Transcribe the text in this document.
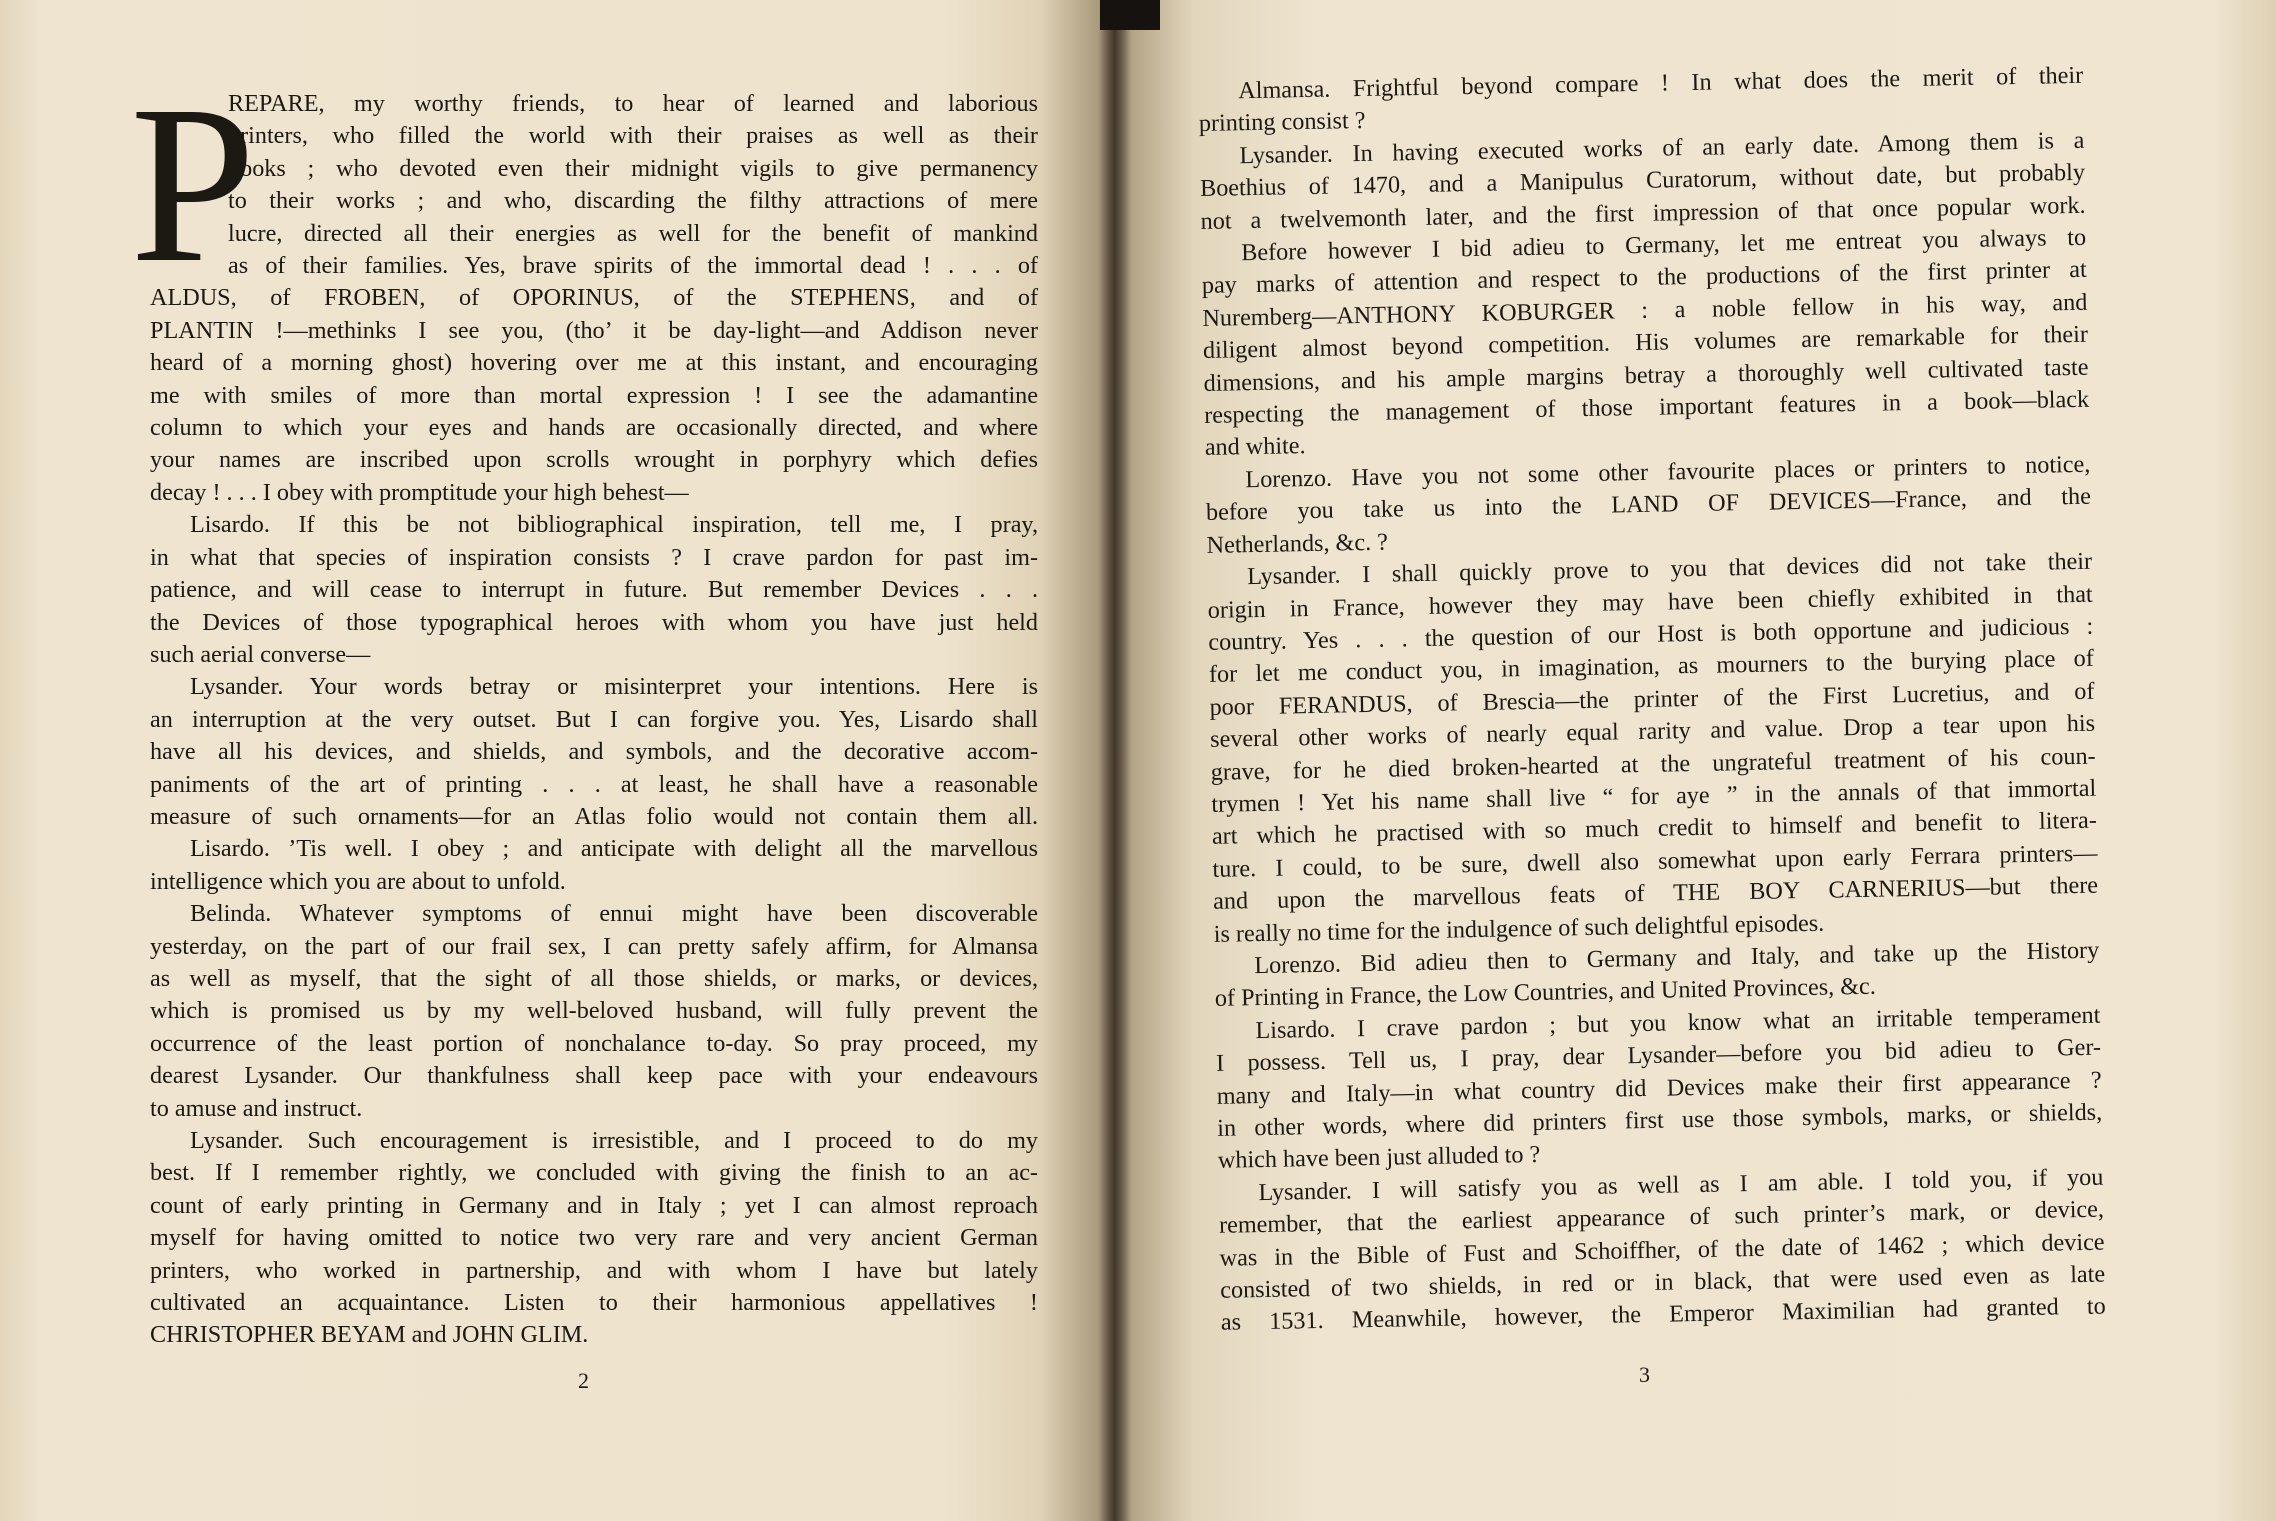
P
REPARE, my worthy friends, to hear of learned and laborious
printers, who filled the world with their praises as well as their
books ; who devoted even their midnight vigils to give permanency
to their works ; and who, discarding the filthy attractions of mere
lucre, directed all their energies as well for the benefit of mankind
as of their families. Yes, brave spirits of the immortal dead ! . . . of
ALDUS, of FROBEN, of OPORINUS, of the STEPHENS, and of
PLANTIN !—methinks I see you, (tho’ it be day-light—and Addison never
heard of a morning ghost) hovering over me at this instant, and encouraging
me with smiles of more than mortal expression ! I see the adamantine
column to which your eyes and hands are occasionally directed, and where
your names are inscribed upon scrolls wrought in porphyry which defies
decay ! . . . I obey with promptitude your high behest—
Lisardo. If this be not bibliographical inspiration, tell me, I pray,
in what that species of inspiration consists ? I crave pardon for past im-
patience, and will cease to interrupt in future. But remember Devices . . .
the Devices of those typographical heroes with whom you have just held
such aerial converse—
Lysander. Your words betray or misinterpret your intentions. Here is
an interruption at the very outset. But I can forgive you. Yes, Lisardo shall
have all his devices, and shields, and symbols, and the decorative accom-
paniments of the art of printing . . . at least, he shall have a reasonable
measure of such ornaments—for an Atlas folio would not contain them all.
Lisardo. ’Tis well. I obey ; and anticipate with delight all the marvellous
intelligence which you are about to unfold.
Belinda. Whatever symptoms of ennui might have been discoverable
yesterday, on the part of our frail sex, I can pretty safely affirm, for Almansa
as well as myself, that the sight of all those shields, or marks, or devices,
which is promised us by my well-beloved husband, will fully prevent the
occurrence of the least portion of nonchalance to-day. So pray proceed, my
dearest Lysander. Our thankfulness shall keep pace with your endeavours
to amuse and instruct.
Lysander. Such encouragement is irresistible, and I proceed to do my
best. If I remember rightly, we concluded with giving the finish to an ac-
count of early printing in Germany and in Italy ; yet I can almost reproach
myself for having omitted to notice two very rare and very ancient German
printers, who worked in partnership, and with whom I have but lately
cultivated an acquaintance. Listen to their harmonious appellatives !
CHRISTOPHER BEYAM and JOHN GLIM.
2
Almansa. Frightful beyond compare ! In what does the merit of their
printing consist ?
Lysander. In having executed works of an early date. Among them is a
Boethius of 1470, and a Manipulus Curatorum, without date, but probably
not a twelvemonth later, and the first impression of that once popular work.
Before however I bid adieu to Germany, let me entreat you always to
pay marks of attention and respect to the productions of the first printer at
Nuremberg—ANTHONY KOBURGER : a noble fellow in his way, and
diligent almost beyond competition. His volumes are remarkable for their
dimensions, and his ample margins betray a thoroughly well cultivated taste
respecting the management of those important features in a book—black
and white.
Lorenzo. Have you not some other favourite places or printers to notice,
before you take us into the LAND OF DEVICES—France, and the
Netherlands, &c. ?
Lysander. I shall quickly prove to you that devices did not take their
origin in France, however they may have been chiefly exhibited in that
country. Yes . . . the question of our Host is both opportune and judicious :
for let me conduct you, in imagination, as mourners to the burying place of
poor FERANDUS, of Brescia—the printer of the First Lucretius, and of
several other works of nearly equal rarity and value. Drop a tear upon his
grave, for he died broken-hearted at the ungrateful treatment of his coun-
trymen ! Yet his name shall live “ for aye ” in the annals of that immortal
art which he practised with so much credit to himself and benefit to litera-
ture. I could, to be sure, dwell also somewhat upon early Ferrara printers—
and upon the marvellous feats of THE BOY CARNERIUS—but there
is really no time for the indulgence of such delightful episodes.
Lorenzo. Bid adieu then to Germany and Italy, and take up the History
of Printing in France, the Low Countries, and United Provinces, &c.
Lisardo. I crave pardon ; but you know what an irritable temperament
I possess. Tell us, I pray, dear Lysander—before you bid adieu to Ger-
many and Italy—in what country did Devices make their first appearance ?
in other words, where did printers first use those symbols, marks, or shields,
which have been just alluded to ?
Lysander. I will satisfy you as well as I am able. I told you, if you
remember, that the earliest appearance of such printer’s mark, or device,
was in the Bible of Fust and Schoiffher, of the date of 1462 ; which device
consisted of two shields, in red or in black, that were used even as late
as 1531. Meanwhile, however, the Emperor Maximilian had granted to
3
